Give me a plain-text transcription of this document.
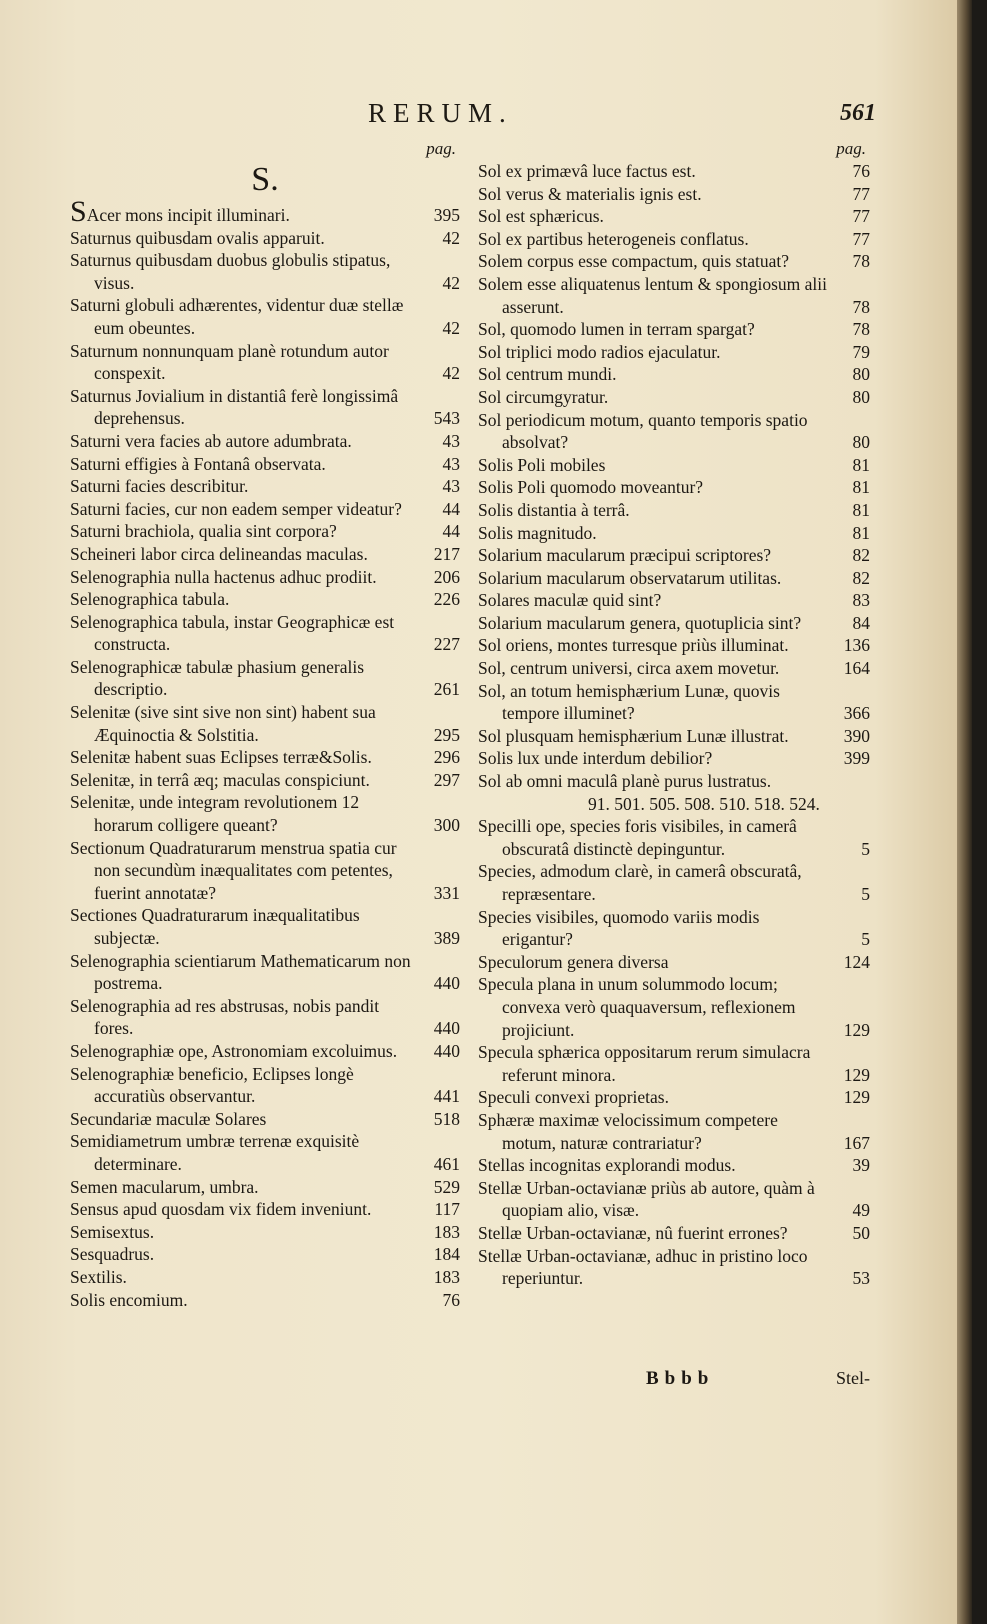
RERUM.	561
pag.
S.
SAcer mons incipit illuminari.	395
Saturnus quibusdam ovalis apparuit.	42
Saturnus quibusdam duobus globulis stipatus, visus.	42
Saturni globuli adhærentes, videntur duæ stellæ eum obeuntes.	42
Saturnum nonnunquam planè rotundum autor conspexit.	42
Saturnus Jovialium in distantiâ ferè longissimâ deprehensus.	543
Saturni vera facies ab autore adumbrata.	43
Saturni effigies à Fontanâ observata.	43
Saturni facies describitur.	43
Saturni facies, cur non eadem semper videatur?	44
Saturni brachiola, qualia sint corpora?	44
Scheineri labor circa delineandas maculas.	217
Selenographia nulla hactenus adhuc prodiit.	206
Selenographica tabula.	226
Selenographica tabula, instar Geographicæ est constructa.	227
Selenographicæ tabulæ phasium generalis descriptio.	261
Selenitæ (sive sint sive non sint) habent sua Æquinoctia & Solstitia.	295
Selenitæ habent suas Eclipses terræ&Solis.	296
Selenitæ, in terrâ æq; maculas conspiciunt.	297
Selenitæ, unde integram revolutionem 12 horarum colligere queant?	300
Sectionum Quadraturarum menstrua spatia cur non secundùm inæqualitates com petentes, fuerint annotatæ?	331
Sectiones Quadraturarum inæqualitatibus subjectæ.	389
Selenographia scientiarum Mathematicarum non postrema.	440
Selenographia ad res abstrusas, nobis pandit fores.	440
Selenographiæ ope, Astronomiam excoluimus.	440
Selenographiæ beneficio, Eclipses longè accuratiùs observantur.	441
Secundariæ maculæ Solares	518
Semidiametrum umbræ terrenæ exquisitè determinare.	461
Semen macularum, umbra.	529
Sensus apud quosdam vix fidem inveniunt.	117
Semisextus.	183
Sesquadrus.	184
Sextilis.	183
Solis encomium.	76
pag.
Sol ex primævâ luce factus est.	76
Sol verus & materialis ignis est.	77
Sol est sphæricus.	77
Sol ex partibus heterogeneis conflatus.	77
Solem corpus esse compactum, quis statuat?	78
Solem esse aliquatenus lentum & spongiosum alii asserunt.	78
Sol, quomodo lumen in terram spargat?	78
Sol triplici modo radios ejaculatur.	79
Sol centrum mundi.	80
Sol circumgyratur.	80
Sol periodicum motum, quanto temporis spatio absolvat?	80
Solis Poli mobiles	81
Solis Poli quomodo moveantur?	81
Solis distantia à terrâ.	81
Solis magnitudo.	81
Solarium macularum præcipui scriptores?	82
Solarium macularum observatarum utilitas.	82
Solares maculæ quid sint?	83
Solarium macularum genera, quotuplicia sint?	84
Sol oriens, montes turresque priùs illuminat.	136
Sol, centrum universi, circa axem movetur.	164
Sol, an totum hemisphærium Lunæ, quovis tempore illuminet?	366
Sol plusquam hemisphærium Lunæ illustrat.	390
Solis lux unde interdum debilior?	399
Sol ab omni maculâ planè purus lustratus.
91. 501. 505. 508. 510. 518. 524.
Specilli ope, species foris visibiles, in camerâ obscuratâ distinctè depinguntur.	5
Species, admodum clarè, in camerâ obscuratâ, repræsentare.	5
Species visibiles, quomodo variis modis erigantur?	5
Speculorum genera diversa	124
Specula plana in unum solummodo locum; convexa verò quaquaversum, reflexionem projiciunt.	129
Specula sphærica oppositarum rerum simulacra referunt minora.	129
Speculi convexi proprietas.	129
Sphæræ maximæ velocissimum competere motum, naturæ contrariatur?	167
Stellas incognitas explorandi modus.	39
Stellæ Urban-octavianæ priùs ab autore, quàm à quopiam alio, visæ.	49
Stellæ Urban-octavianæ, nû fuerint errones?	50
Stellæ Urban-octavianæ, adhuc in pristino loco reperiuntur.	53
Bbbb	Stel-
